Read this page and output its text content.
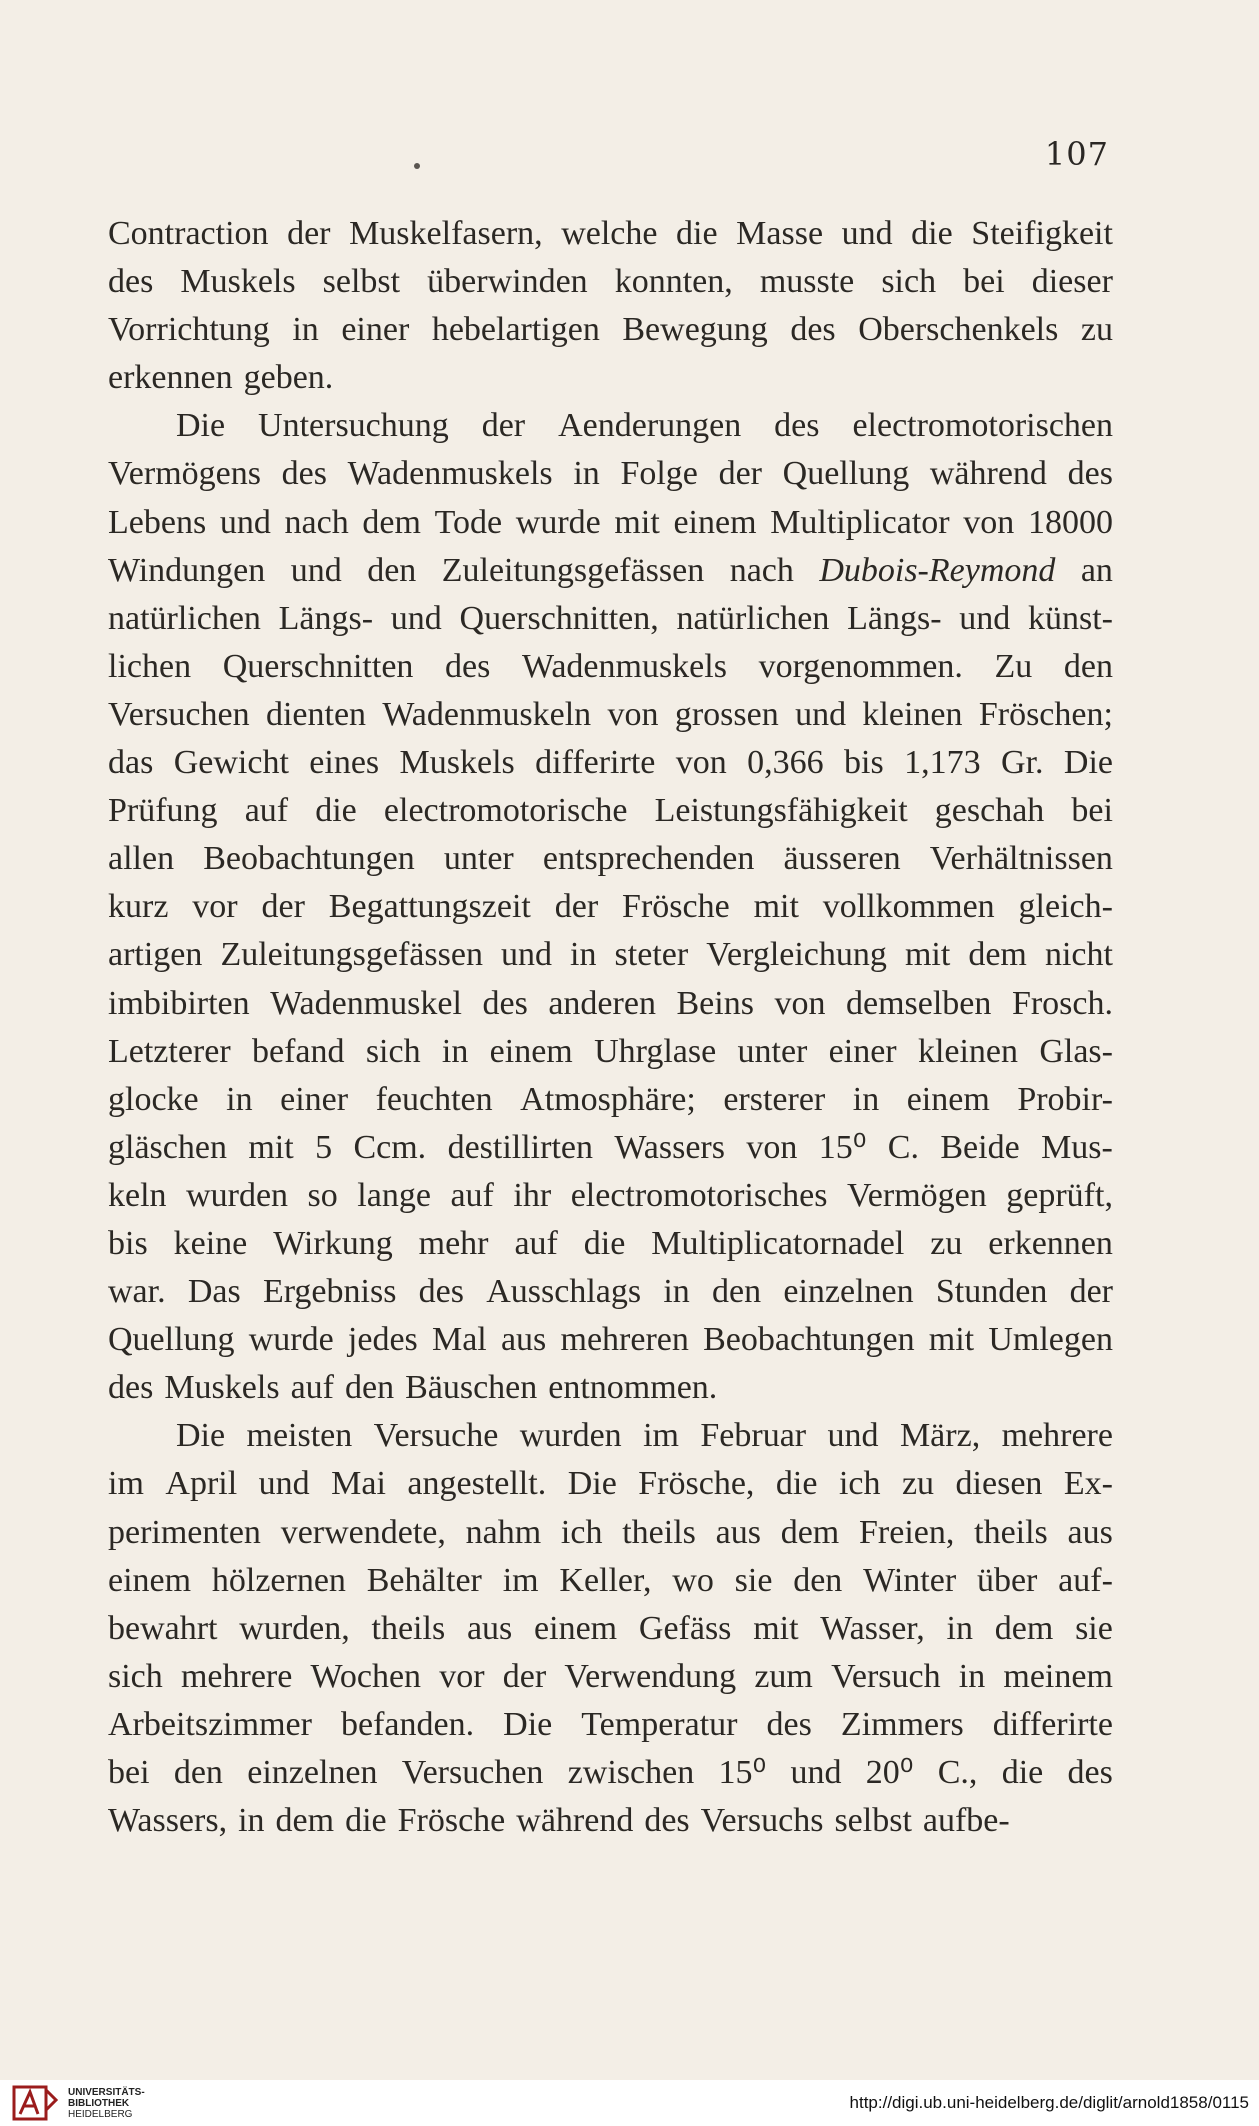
107
Contraction der Muskelfasern, welche die Masse und die Steifigkeit
des Muskels selbst überwinden konnten, musste sich bei dieser
Vorrichtung in einer hebelartigen Bewegung des Oberschenkels zu
erkennen geben.
Die Untersuchung der Aenderungen des electromotorischen
Vermögens des Wadenmuskels in Folge der Quellung während des
Lebens und nach dem Tode wurde mit einem Multiplicator von 18000
Windungen und den Zuleitungsgefässen nach Dubois-Reymond an
natürlichen Längs- und Querschnitten, natürlichen Längs- und künst-
lichen Querschnitten des Wadenmuskels vorgenommen. Zu den
Versuchen dienten Wadenmuskeln von grossen und kleinen Fröschen;
das Gewicht eines Muskels differirte von 0,366 bis 1,173 Gr. Die
Prüfung auf die electromotorische Leistungsfähigkeit geschah bei
allen Beobachtungen unter entsprechenden äusseren Verhältnissen
kurz vor der Begattungszeit der Frösche mit vollkommen gleich-
artigen Zuleitungsgefässen und in steter Vergleichung mit dem nicht
imbibirten Wadenmuskel des anderen Beins von demselben Frosch.
Letzterer befand sich in einem Uhrglase unter einer kleinen Glas-
glocke in einer feuchten Atmosphäre; ersterer in einem Probir-
gläschen mit 5 Ccm. destillirten Wassers von 15⁰ C. Beide Mus-
keln wurden so lange auf ihr electromotorisches Vermögen geprüft,
bis keine Wirkung mehr auf die Multiplicatornadel zu erkennen
war. Das Ergebniss des Ausschlags in den einzelnen Stunden der
Quellung wurde jedes Mal aus mehreren Beobachtungen mit Umlegen
des Muskels auf den Bäuschen entnommen.
Die meisten Versuche wurden im Februar und März, mehrere
im April und Mai angestellt. Die Frösche, die ich zu diesen Ex-
perimenten verwendete, nahm ich theils aus dem Freien, theils aus
einem hölzernen Behälter im Keller, wo sie den Winter über auf-
bewahrt wurden, theils aus einem Gefäss mit Wasser, in dem sie
sich mehrere Wochen vor der Verwendung zum Versuch in meinem
Arbeitszimmer befanden. Die Temperatur des Zimmers differirte
bei den einzelnen Versuchen zwischen 15⁰ und 20⁰ C., die des
Wassers, in dem die Frösche während des Versuchs selbst aufbe-
UNIVERSITÄTS-
BIBLIOTHEK
HEIDELBERG
http://digi.ub.uni-heidelberg.de/diglit/arnold1858/0115
